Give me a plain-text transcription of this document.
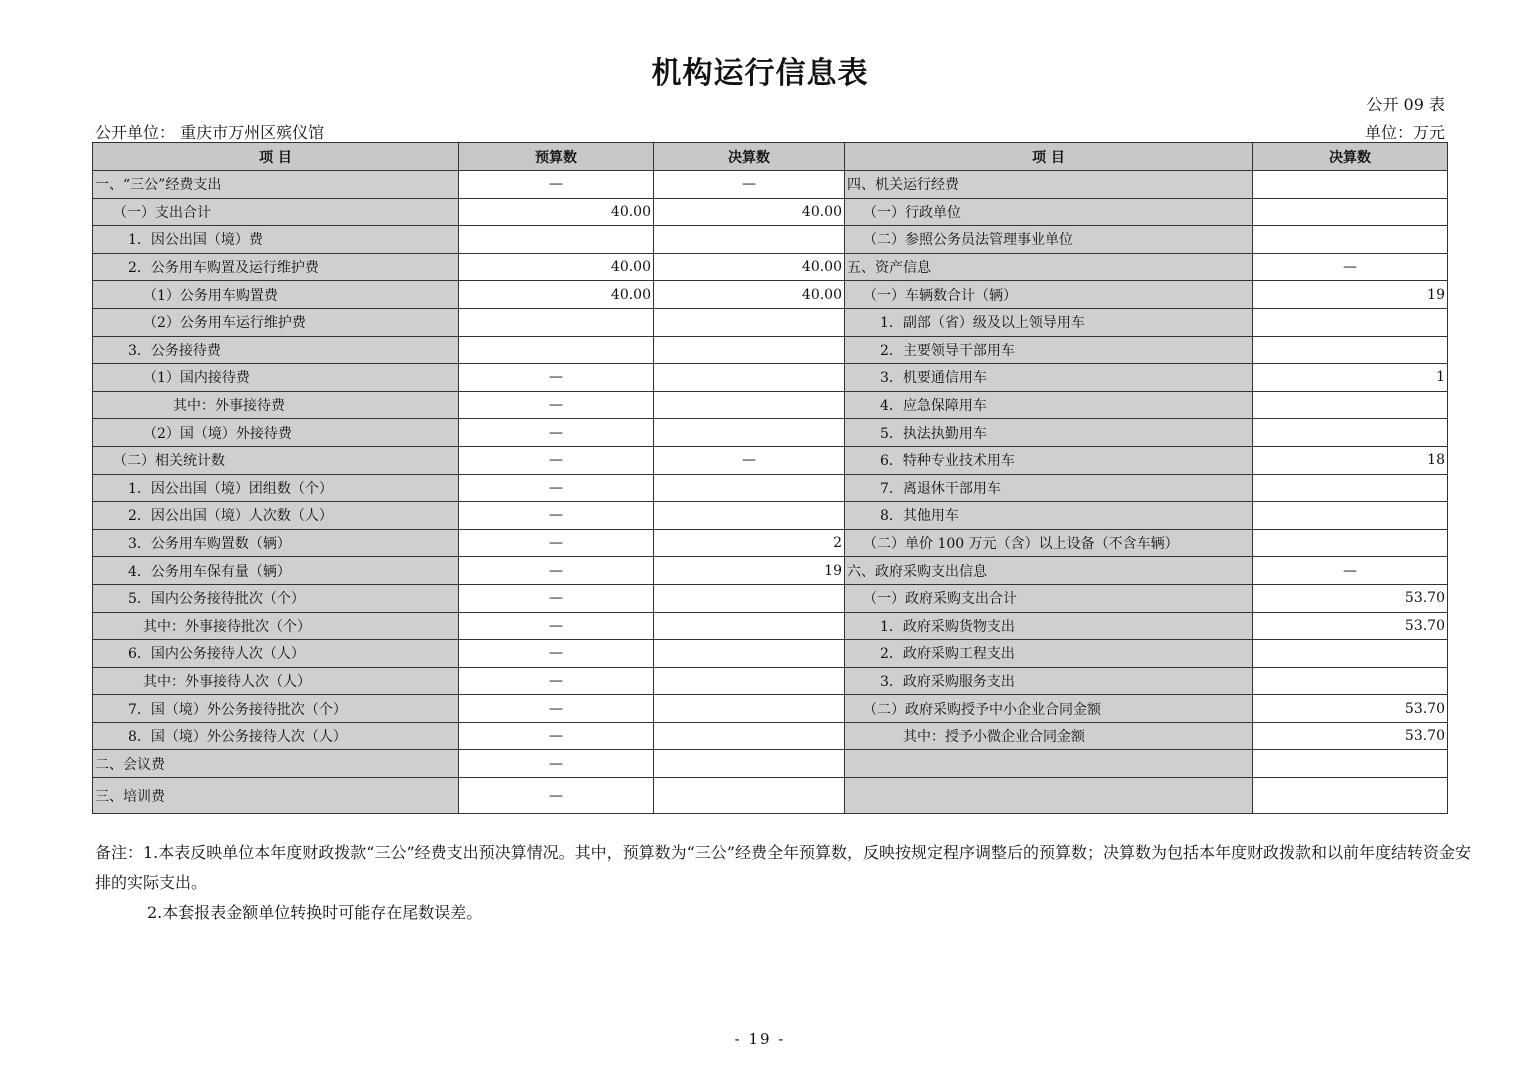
机构运行信息表
公开 09 表
公开单位： 重庆市万州区殡仪馆	单位：万元
项 目	预算数	决算数	项 目	决算数
一、“三公”经费支出	—	—	四、机关运行经费	
（一）支出合计	40.00	40.00	（一）行政单位	
1．因公出国（境）费			（二）参照公务员法管理事业单位	
2．公务用车购置及运行维护费	40.00	40.00	五、资产信息	—
（1）公务用车购置费	40.00	40.00	（一）车辆数合计（辆）	19
（2）公务用车运行维护费			1．副部（省）级及以上领导用车	
3．公务接待费			2．主要领导干部用车	
（1）国内接待费	—		3．机要通信用车	1
其中：外事接待费	—		4．应急保障用车	
（2）国（境）外接待费	—		5．执法执勤用车	
（二）相关统计数	—	—	6．特种专业技术用车	18
1．因公出国（境）团组数（个）	—		7．离退休干部用车	
2．因公出国（境）人次数（人）	—		8．其他用车	
3．公务用车购置数（辆）	—	2	（二）单价 100 万元（含）以上设备（不含车辆）	
4．公务用车保有量（辆）	—	19	六、政府采购支出信息	—
5．国内公务接待批次（个）	—		（一）政府采购支出合计	53.70
其中：外事接待批次（个）	—		1．政府采购货物支出	53.70
6．国内公务接待人次（人）	—		2．政府采购工程支出	
其中：外事接待人次（人）	—		3．政府采购服务支出	
7．国（境）外公务接待批次（个）	—		（二）政府采购授予中小企业合同金额	53.70
8．国（境）外公务接待人次（人）	—		其中：授予小微企业合同金额	53.70
二、会议费	—			
三、培训费	—			
备注：1.本表反映单位本年度财政拨款“三公”经费支出预决算情况。其中，预算数为“三公”经费全年预算数，反映按规定程序调整后的预算数；决算数为包括本年度财政拨款和以前年度结转资金安排的实际支出。
2.本套报表金额单位转换时可能存在尾数误差。
- 19 -
